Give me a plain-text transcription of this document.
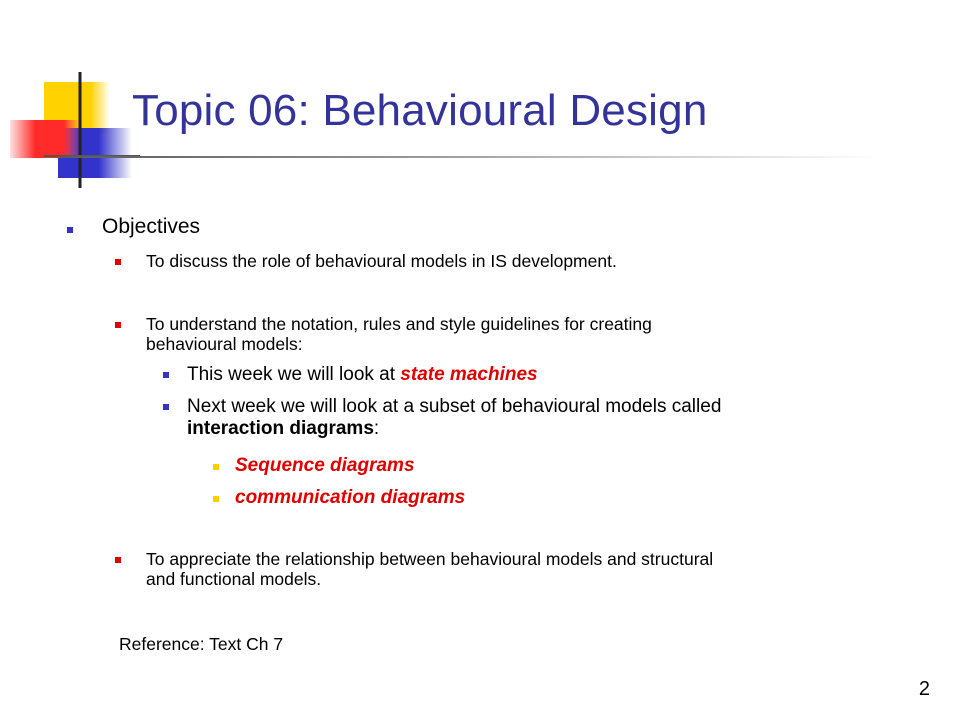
Topic 06: Behavioural Design
Objectives
To discuss the role of behavioural models in IS development.
To understand the notation, rules and style guidelines for creating
behavioural models:
This week we will look at state machines
Next week we will look at a subset of behavioural models called
interaction diagrams:
Sequence diagrams
communication diagrams
To appreciate the relationship between behavioural models and structural
and functional models.
Reference: Text Ch 7
2
